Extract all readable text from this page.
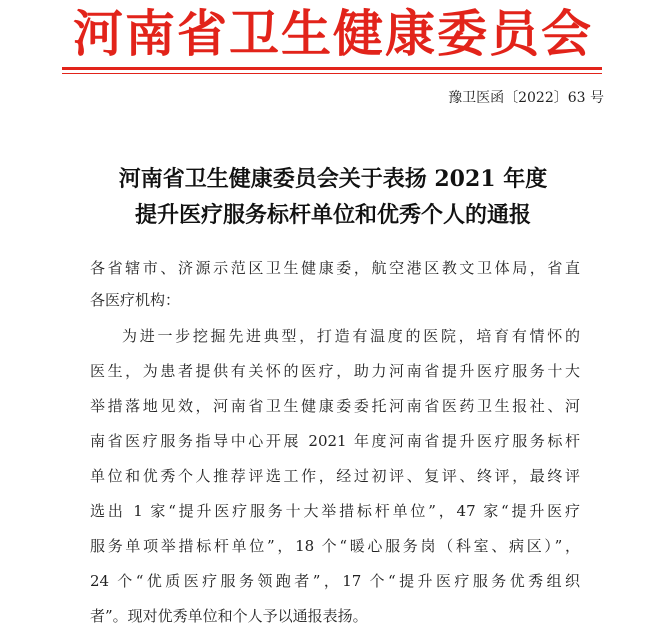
河南省卫生健康委员会
豫卫医函〔2022〕63 号
河南省卫生健康委员会关于表扬 2021 年度
提升医疗服务标杆单位和优秀个人的通报
各省辖市、济源示范区卫生健康委，航空港区教文卫体局，省直
各医疗机构：
为进一步挖掘先进典型，打造有温度的医院，培育有情怀的
医生，为患者提供有关怀的医疗，助力河南省提升医疗服务十大
举措落地见效，河南省卫生健康委委托河南省医药卫生报社、河
南省医疗服务指导中心开展 2021 年度河南省提升医疗服务标杆
单位和优秀个人推荐评选工作，经过初评、复评、终评，最终评
选出 1 家“提升医疗服务十大举措标杆单位”，47 家“提升医疗
服务单项举措标杆单位”，18 个“暖心服务岗（科室、病区）”，
24 个“优质医疗服务领跑者”，17 个“提升医疗服务优秀组织
者”。现对优秀单位和个人予以通报表扬。
